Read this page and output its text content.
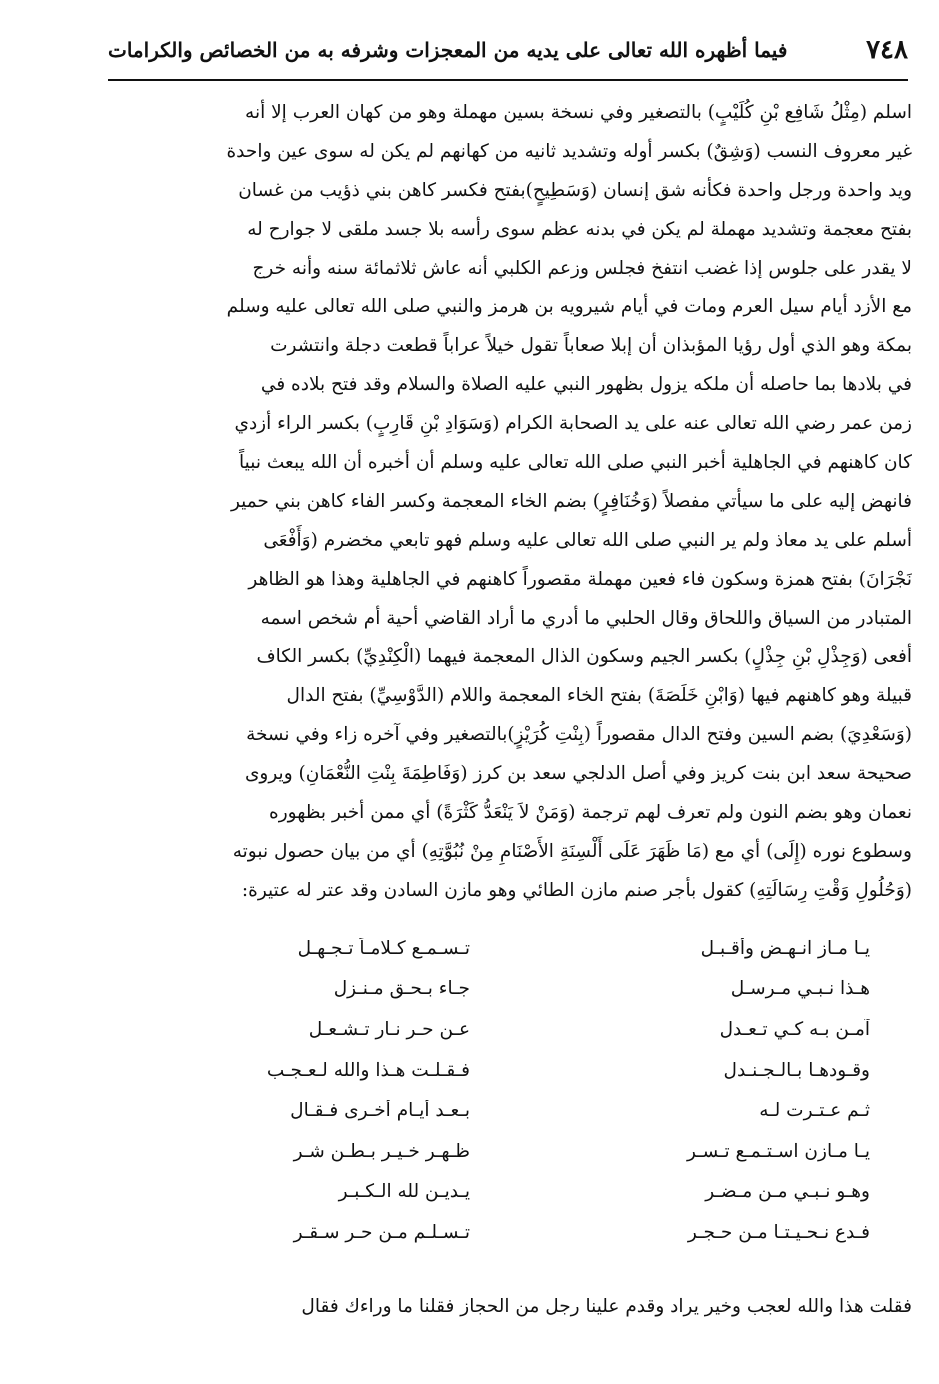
٧٤٨
فيما أظهره الله تعالى على يديه من المعجزات وشرفه به من الخصائص والكرامات
اسلم (مِثْلُ شَافِع بْنِ كُلَيْبٍ) بالتصغير وفي نسخة بسين مهملة وهو من كهان العرب إلا أنه
غير معروف النسب (وَشِقٌ) بكسر أوله وتشديد ثانيه من كهانهم لم يكن له سوى عين واحدة
ويد واحدة ورجل واحدة فكأنه شق إنسان (وَسَطِيحٍ)بفتح فكسر كاهن بني ذؤيب من غسان
بفتح معجمة وتشديد مهملة لم يكن في بدنه عظم سوى رأسه بلا جسد ملقى لا جوارح له
لا يقدر على جلوس إذا غضب انتفخ فجلس وزعم الكلبي أنه عاش ثلاثمائة سنه وأنه خرج
مع الأزد أيام سيل العرم ومات في أيام شيرويه بن هرمز والنبي صلى الله تعالى عليه وسلم
بمكة وهو الذي أول رؤيا المؤبذان أن إبلا صعاباً تقول خيلاً عراباً قطعت دجلة وانتشرت
في بلادها بما حاصله أن ملكه يزول بظهور النبي عليه الصلاة والسلام وقد فتح بلاده في
زمن عمر رضي الله تعالى عنه على يد الصحابة الكرام (وَسَوَادِ بْنِ قَارِبٍ) بكسر الراء أزدي
كان كاهنهم في الجاهلية أخبر النبي صلى الله تعالى عليه وسلم أن أخبره أن الله يبعث نبياً
فانهض إليه على ما سيأتي مفصلاً (وَخُنَافِرٍ) بضم الخاء المعجمة وكسر الفاء كاهن بني حمير
أسلم على يد معاذ ولم ير النبي صلى الله تعالى عليه وسلم فهو تابعي مخضرم (وَأَفْعَى
نَجْرَانَ) بفتح همزة وسكون فاء فعين مهملة مقصوراً كاهنهم في الجاهلية وهذا هو الظاهر
المتبادر من السياق واللحاق وقال الحلبي ما أدري ما أراد القاضي أحية أم شخص اسمه
أفعى (وَجِذْلِ بْنِ جِذْلٍ) بكسر الجيم وسكون الذال المعجمة فيهما (الْكِنْدِيِّ) بكسر الكاف
قبيلة وهو كاهنهم فيها (وَابْنِ خَلَصَةَ) بفتح الخاء المعجمة واللام (الدَّوْسِيِّ) بفتح الدال
(وَسَعْدِيَ) بضم السين وفتح الدال مقصوراً (بِنْتِ كُرَيْزٍ)بالتصغير وفي آخره زاء وفي نسخة
صحيحة سعد ابن بنت كريز وفي أصل الدلجي سعد بن كرز (وَفَاطِمَةَ بِنْتِ النُّعْمَانِ) ويروى
نعمان وهو بضم النون ولم تعرف لهم ترجمة (وَمَنْ لاَ يَنْعَدُّ كَثْرَةً) أي ممن أخبر بظهوره
وسطوع نوره (إِلَى) أي مع (مَا ظَهَرَ عَلَى أَلْسِنَةِ الأَصْنَامِ مِنْ نُبُوَّتِهِ) أي من بيان حصول نبوته
(وَحُلُولِ وَقْتِ رِسَالَتِهِ) كقول بأجر صنم مازن الطائي وهو مازن السادن وقد عتر له عتيرة:
يـا مـاز انـهـض وأقـبـل
تـسـمـع كـلامـاً تـجـهـل
هـذا نـبـي مـرسـل
جـاء بـحـق مـنـزل
آمـن بـه كـي تـعـدل
عـن حـر نـار تـشـعـل
وقـودهـا بـالـجـنـدل
فـقـلـت هـذا والله لـعـجـب
ثـم عـتـرت لـه
بـعـد أيـام أخـرى فـقـال
يـا مـازن اسـتـمـع تـسـر
ظـهـر خـيـر بـطـن شـر
وهـو نـبـي مـن مـضـر
يـديـن لله الـكـبـر
فـدع نـحـيـتـا مـن حـجـر
تـسـلـم مـن حـر سـقـر
فقلت هذا والله لعجب وخير يراد وقدم علينا رجل من الحجاز فقلنا ما وراءك فقال
